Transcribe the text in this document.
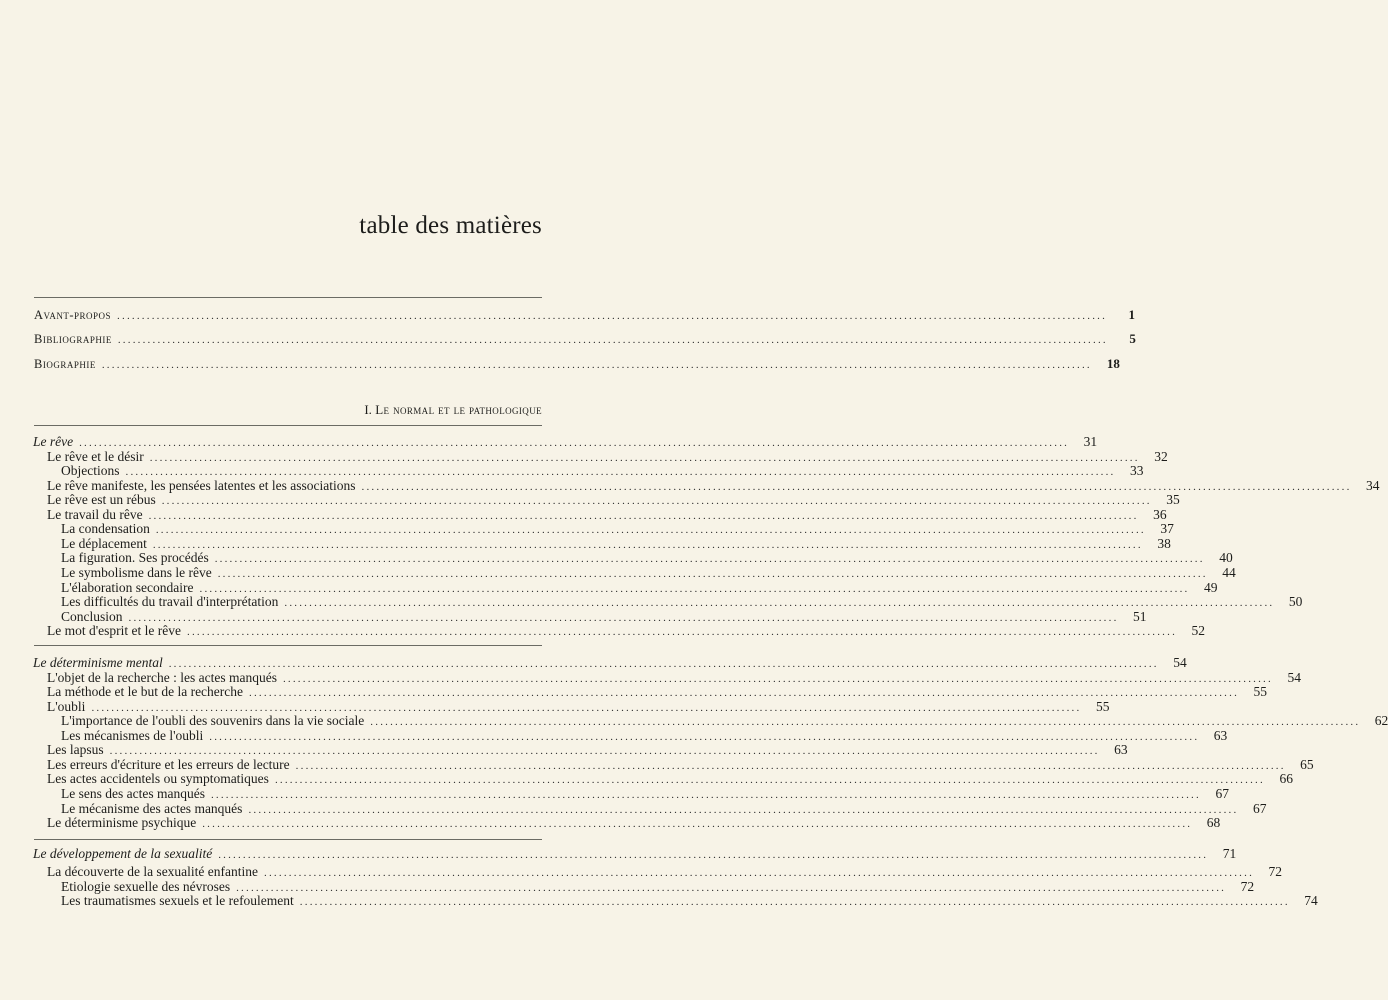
table des matières
Avant-propos ........................................................................................................................................................................................................	1
Bibliographie ........................................................................................................................................................................................................	5
Biographie ........................................................................................................................................................................................................	18
I. Le normal et le pathologique
Le rêve ........................................................................................................................................................................................................	31
Le rêve et le désir ........................................................................................................................................................................................................	32
Objections ........................................................................................................................................................................................................	33
Le rêve manifeste, les pensées latentes et les associations ........................................................................................................................................................................................................	34
Le rêve est un rébus ........................................................................................................................................................................................................	35
Le travail du rêve ........................................................................................................................................................................................................	36
La condensation ........................................................................................................................................................................................................	37
Le déplacement ........................................................................................................................................................................................................	38
La figuration. Ses procédés ........................................................................................................................................................................................................	40
Le symbolisme dans le rêve ........................................................................................................................................................................................................	44
L'élaboration secondaire ........................................................................................................................................................................................................	49
Les difficultés du travail d'interprétation ........................................................................................................................................................................................................	50
Conclusion ........................................................................................................................................................................................................	51
Le mot d'esprit et le rêve ........................................................................................................................................................................................................	52
Le déterminisme mental ........................................................................................................................................................................................................	54
L'objet de la recherche : les actes manqués ........................................................................................................................................................................................................	54
La méthode et le but de la recherche ........................................................................................................................................................................................................	55
L'oubli ........................................................................................................................................................................................................	55
L'importance de l'oubli des souvenirs dans la vie sociale ........................................................................................................................................................................................................	62
Les mécanismes de l'oubli ........................................................................................................................................................................................................	63
Les lapsus ........................................................................................................................................................................................................	63
Les erreurs d'écriture et les erreurs de lecture ........................................................................................................................................................................................................	65
Les actes accidentels ou symptomatiques ........................................................................................................................................................................................................	66
Le sens des actes manqués ........................................................................................................................................................................................................	67
Le mécanisme des actes manqués ........................................................................................................................................................................................................	67
Le déterminisme psychique ........................................................................................................................................................................................................	68
Le développement de la sexualité ........................................................................................................................................................................................................	71
La découverte de la sexualité enfantine ........................................................................................................................................................................................................	72
Etiologie sexuelle des névroses ........................................................................................................................................................................................................	72
Les traumatismes sexuels et le refoulement ........................................................................................................................................................................................................	74
